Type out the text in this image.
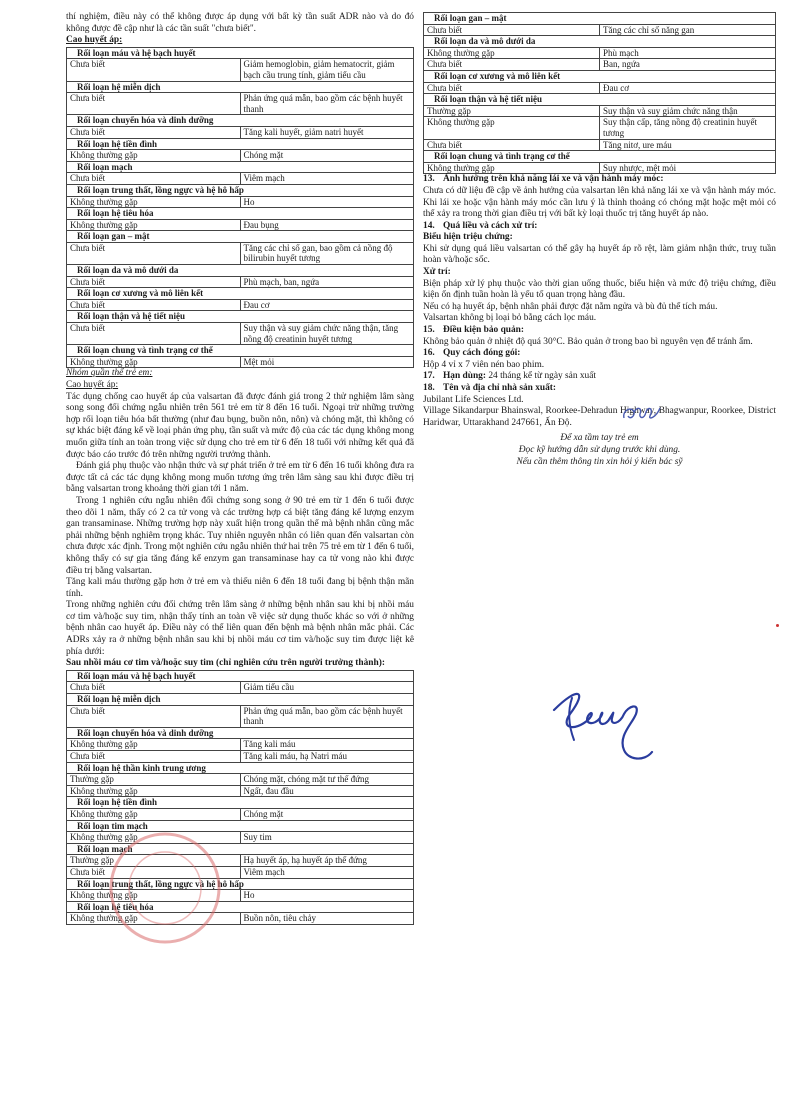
thí nghiệm, điều này có thể không được áp dụng với bất kỳ tần suất ADR nào và do đó không được đề cập như là các tần suất "chưa biết".

Cao huyết áp:
Rối loạn máu và hệ bạch huyết	
Chưa biết	Giảm hemoglobin, giảm hematocrit, giảm bạch cầu trung tính, giảm tiểu cầu
Rối loạn hệ miễn dịch	
Chưa biết	Phản ứng quá mẫn, bao gồm các bệnh huyết thanh
Rối loạn chuyển hóa và dinh dưỡng	
Chưa biết	Tăng kali huyết, giảm natri huyết
Rối loạn hệ tiền đình	
Không thường gặp	Chóng mặt
Rối loạn mạch	
Chưa biết	Viêm mạch
Rối loạn trung thất, lồng ngực và hệ hô hấp	
Không thường gặp	Ho
Rối loạn hệ tiêu hóa	
Không thường gặp	Đau bụng
Rối loạn gan – mật	
Chưa biết	Tăng các chỉ số gan, bao gồm cả nồng độ bilirubin huyết tương
Rối loạn da và mô dưới da	
Chưa biết	Phù mạch, ban, ngứa
Rối loạn cơ xương và mô liên kết	
Chưa biết	Đau cơ
Rối loạn thận và hệ tiết niệu	
Chưa biết	Suy thận và suy giảm chức năng thận, tăng nồng độ creatinin huyết tương
Rối loạn chung và tình trạng cơ thể	
Không thường gặp	Mệt mỏi
Nhóm quần thể trẻ em:
Cao huyết áp:

Tác dụng chống cao huyết áp của valsartan đã được đánh giá trong 2 thử nghiệm lâm sàng song song đối chứng ngẫu nhiên trên 561 trẻ em từ 8 đến 16 tuổi. Ngoại trừ những trường hợp rối loạn tiêu hóa bất thường (như đau bụng, buồn nôn, nôn) và chóng mặt, thì không có sự khác biệt đáng kể về loại phản ứng phụ, tần suất và mức độ của các tác dụng không mong muốn giữa tính an toàn trong việc sử dụng cho trẻ em từ 6 đến 18 tuổi với những kết quả đã được báo cáo trước đó trên những người trưởng thành.

Đánh giá phụ thuộc vào nhận thức và sự phát triển ở trẻ em từ 6 đến 16 tuổi không đưa ra được tất cả các tác dụng không mong muốn tương ứng trên lâm sàng sau khi được điều trị bằng valsartan trong khoảng thời gian tới 1 năm.

Trong 1 nghiên cứu ngẫu nhiên đối chứng song song ở 90 trẻ em từ 1 đến 6 tuổi được theo dõi 1 năm, thấy có 2 ca tử vong và các trường hợp cá biệt tăng đáng kể lượng enzym gan transaminase. Những trường hợp này xuất hiện trong quần thể mà bệnh nhân cũng mắc phải những bệnh nghiêm trọng khác. Tuy nhiên nguyên nhân có liên quan đến valsartan còn chưa được xác định. Trong một nghiên cứu ngẫu nhiên thứ hai trên 75 trẻ em từ 1 đến 6 tuổi, không thấy có sự gia tăng đáng kể enzym gan transaminase hay ca tử vong nào khi được điều trị bằng valsartan.

Tăng kali máu thường gặp hơn ở trẻ em và thiếu niên 6 đến 18 tuổi đang bị bệnh thận mãn tính.

Trong những nghiên cứu đối chứng trên lâm sàng ở những bệnh nhân sau khi bị nhồi máu cơ tim và/hoặc suy tim, nhận thấy tính an toàn về việc sử dụng thuốc khác so với ở những bệnh nhân cao huyết áp. Điều này có thể liên quan đến bệnh mà bệnh nhân mắc phải. Các ADRs xảy ra ở những bệnh nhân sau khi bị nhồi máu cơ tim và/hoặc suy tim được liệt kê phía dưới:

Sau nhồi máu cơ tim và/hoặc suy tim (chỉ nghiên cứu trên người trưởng thành):
Rối loạn máu và hệ bạch huyết	
Chưa biết	Giảm tiểu cầu
Rối loạn hệ miễn dịch	
Chưa biết	Phản ứng quá mẫn, bao gồm các bệnh huyết thanh
Rối loạn chuyển hóa và dinh dưỡng	
Không thường gặp	Tăng kali máu
Chưa biết	Tăng kali máu, hạ Natri máu
Rối loạn hệ thần kinh trung ương	
Thường gặp	Chóng mặt, chóng mặt tư thế đứng
Không thường gặp	Ngất, đau đầu
Rối loạn hệ tiền đình	
Không thường gặp	Chóng mặt
Rối loạn tim mạch	
Không thường gặp	Suy tim
Rối loạn mạch	
Thường gặp	Hạ huyết áp, hạ huyết áp thế đứng
Chưa biết	Viêm mạch
Rối loạn trung thất, lồng ngực và hệ hô hấp	
Không thường gặp	Ho
Rối loạn hệ tiêu hóa	
Không thường gặp	Buồn nôn, tiêu chảy
Rối loạn gan – mật	
Chưa biết	Tăng các chỉ số năng gan
Rối loạn da và mô dưới da	
Không thường gặp	Phù mạch
Chưa biết	Ban, ngứa
Rối loạn cơ xương và mô liên kết	
Chưa biết	Đau cơ
Rối loạn thận và hệ tiết niệu	
Thường gặp	Suy thận và suy giảm chức năng thận
Không thường gặp	Suy thận cấp, tăng nồng độ creatinin huyết tương
Chưa biết	Tăng nitơ, ure máu
Rối loạn chung và tình trạng cơ thể	
Không thường gặp	Suy nhược, mệt mỏi
13. Ảnh hưởng trên khả năng lái xe và vận hành máy móc:

Chưa có dữ liệu đề cập về ảnh hưởng của valsartan lên khả năng lái xe và vận hành máy móc. Khi lái xe hoặc vận hành máy móc cần lưu ý là thỉnh thoảng có chóng mặt hoặc mệt mỏi có thể xảy ra trong thời gian điều trị với bất kỳ loại thuốc trị tăng huyết áp nào.

14. Quá liều và cách xử trí:
Biểu hiện triệu chứng:

Khi sử dụng quá liều valsartan có thể gây hạ huyết áp rõ rệt, làm giảm nhận thức, truỵ tuần hoàn và/hoặc sốc.

Xử trí:

Biện pháp xử lý phụ thuộc vào thời gian uống thuốc, biểu hiện và mức độ triệu chứng, điều kiện ổn định tuần hoàn là yếu tố quan trọng hàng đầu.

Nếu có hạ huyết áp, bệnh nhân phải được đặt nằm ngửa và bù đủ thể tích máu.

Valsartan không bị loại bỏ bằng cách lọc máu.

15. Điều kiện bảo quản:

Không bảo quản ở nhiệt độ quá 30°C. Bảo quản ở trong bao bì nguyên vẹn để tránh ẩm.

16. Quy cách đóng gói:

Hộp 4 vỉ x 7 viên nén bao phim.

17. Hạn dùng: 24 tháng kể từ ngày sản xuất
18. Tên và địa chỉ nhà sản xuất:

Jubilant Life Sciences Ltd.

Village Sikandarpur Bhainswal, Roorkee-Dehradun Highway, Bhagwanpur, Roorkee, District Haridwar, Uttarakhand 247661, Ấn Độ.

Để xa tầm tay trẻ em

Đọc kỹ hướng dẫn sử dụng trước khi dùng.

Nếu cần thêm thông tin xin hỏi ý kiến bác sỹ
